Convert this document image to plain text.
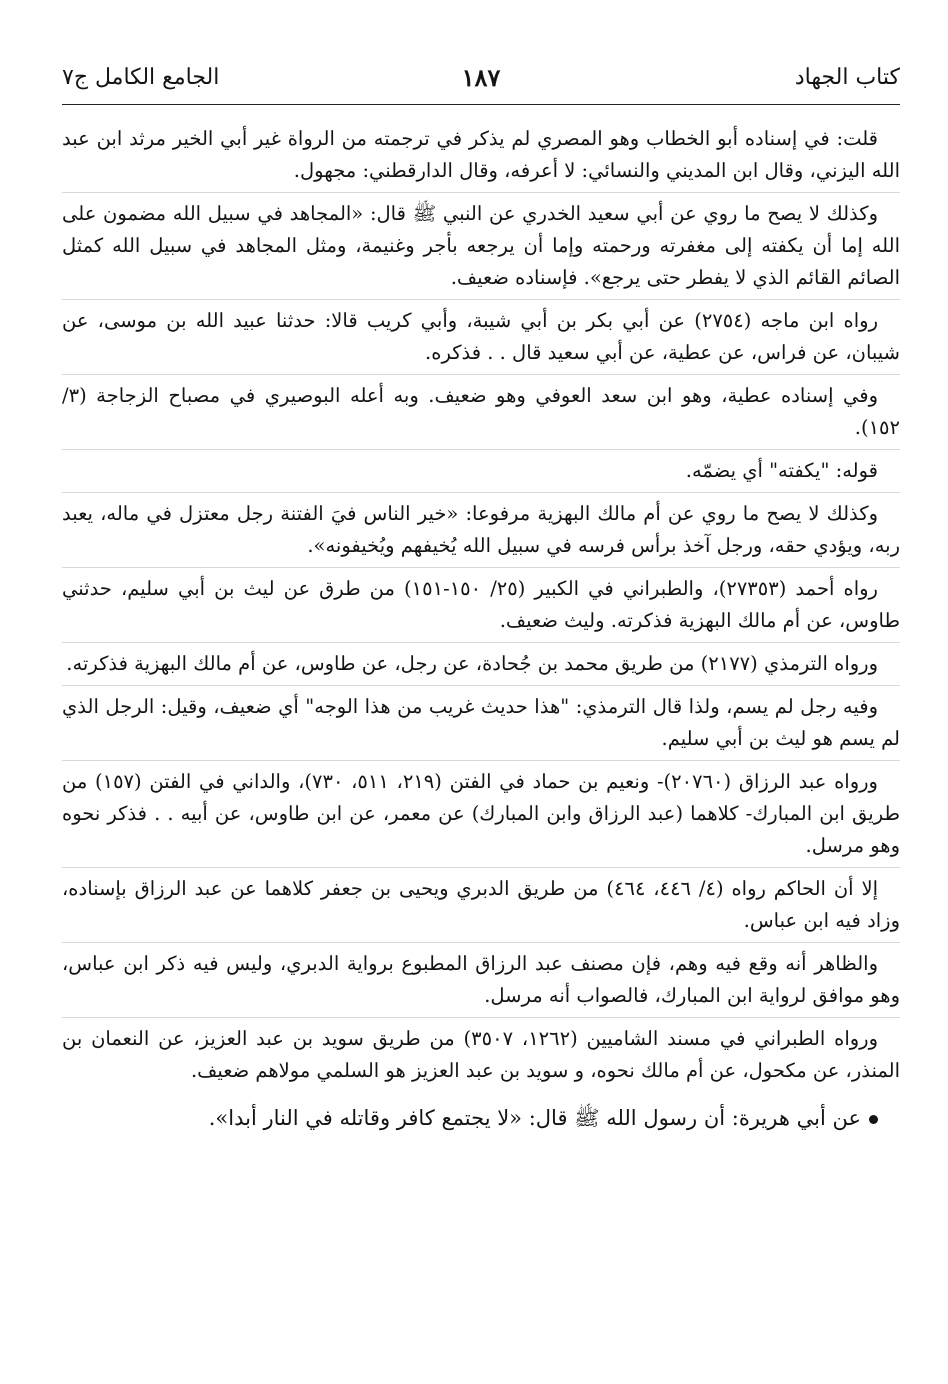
كتاب الجهاد
١٨٧
الجامع الكامل ج٧

قلت: في إسناده أبو الخطاب وهو المصري لم يذكر في ترجمته من الرواة غير أبي الخير مرثد ابن عبد الله اليزني، وقال ابن المديني والنسائي: لا أعرفه، وقال الدارقطني: مجهول.

وكذلك لا يصح ما روي عن أبي سعيد الخدري عن النبي ﷺ قال: «المجاهد في سبيل الله مضمون على الله إما أن يكفته إلى مغفرته ورحمته وإما أن يرجعه بأجر وغنيمة، ومثل المجاهد في سبيل الله كمثل الصائم القائم الذي لا يفطر حتى يرجع». فإسناده ضعيف.

رواه ابن ماجه (٢٧٥٤) عن أبي بكر بن أبي شيبة، وأبي كريب قالا: حدثنا عبيد الله بن موسى، عن شيبان، عن فراس، عن عطية، عن أبي سعيد قال . . فذكره.

وفي إسناده عطية، وهو ابن سعد العوفي وهو ضعيف. وبه أعله البوصيري في مصباح الزجاجة (٣/ ١٥٢).

قوله: "يكفته" أي يضمّه.

وكذلك لا يصح ما روي عن أم مالك البهزية مرفوعا: «خير الناس فيَ الفتنة رجل معتزل في ماله، يعبد ربه، ويؤدي حقه، ورجل آخذ برأس فرسه في سبيل الله يُخيفهم ويُخيفونه».

رواه أحمد (٢٧٣٥٣)، والطبراني في الكبير (٢٥/ ١٥٠-١٥١) من طرق عن ليث بن أبي سليم، حدثني طاوس، عن أم مالك البهزية فذكرته. وليث ضعيف.

ورواه الترمذي (٢١٧٧) من طريق محمد بن جُحادة، عن رجل، عن طاوس، عن أم مالك البهزية فذكرته.

وفيه رجل لم يسم، ولذا قال الترمذي: "هذا حديث غريب من هذا الوجه" أي ضعيف، وقيل: الرجل الذي لم يسم هو ليث بن أبي سليم.

ورواه عبد الرزاق (٢٠٧٦٠)- ونعيم بن حماد في الفتن (٢١٩، ٥١١، ٧٣٠)، والداني في الفتن (١٥٧) من طريق ابن المبارك- كلاهما (عبد الرزاق وابن المبارك) عن معمر، عن ابن طاوس، عن أبيه . . فذكر نحوه وهو مرسل.

إلا أن الحاكم رواه (٤/ ٤٤٦، ٤٦٤) من طريق الدبري ويحيى بن جعفر كلاهما عن عبد الرزاق بإسناده، وزاد فيه ابن عباس.

والظاهر أنه وقع فيه وهم، فإن مصنف عبد الرزاق المطبوع برواية الدبري، وليس فيه ذكر ابن عباس، وهو موافق لرواية ابن المبارك، فالصواب أنه مرسل.

ورواه الطبراني في مسند الشاميين (١٢٦٢، ٣٥٠٧) من طريق سويد بن عبد العزيز، عن النعمان بن المنذر، عن مكحول، عن أم مالك نحوه، و سويد بن عبد العزيز هو السلمي مولاهم ضعيف.

عن أبي هريرة: أن رسول الله ﷺ قال: «لا يجتمع كافر وقاتله في النار أبدا».
